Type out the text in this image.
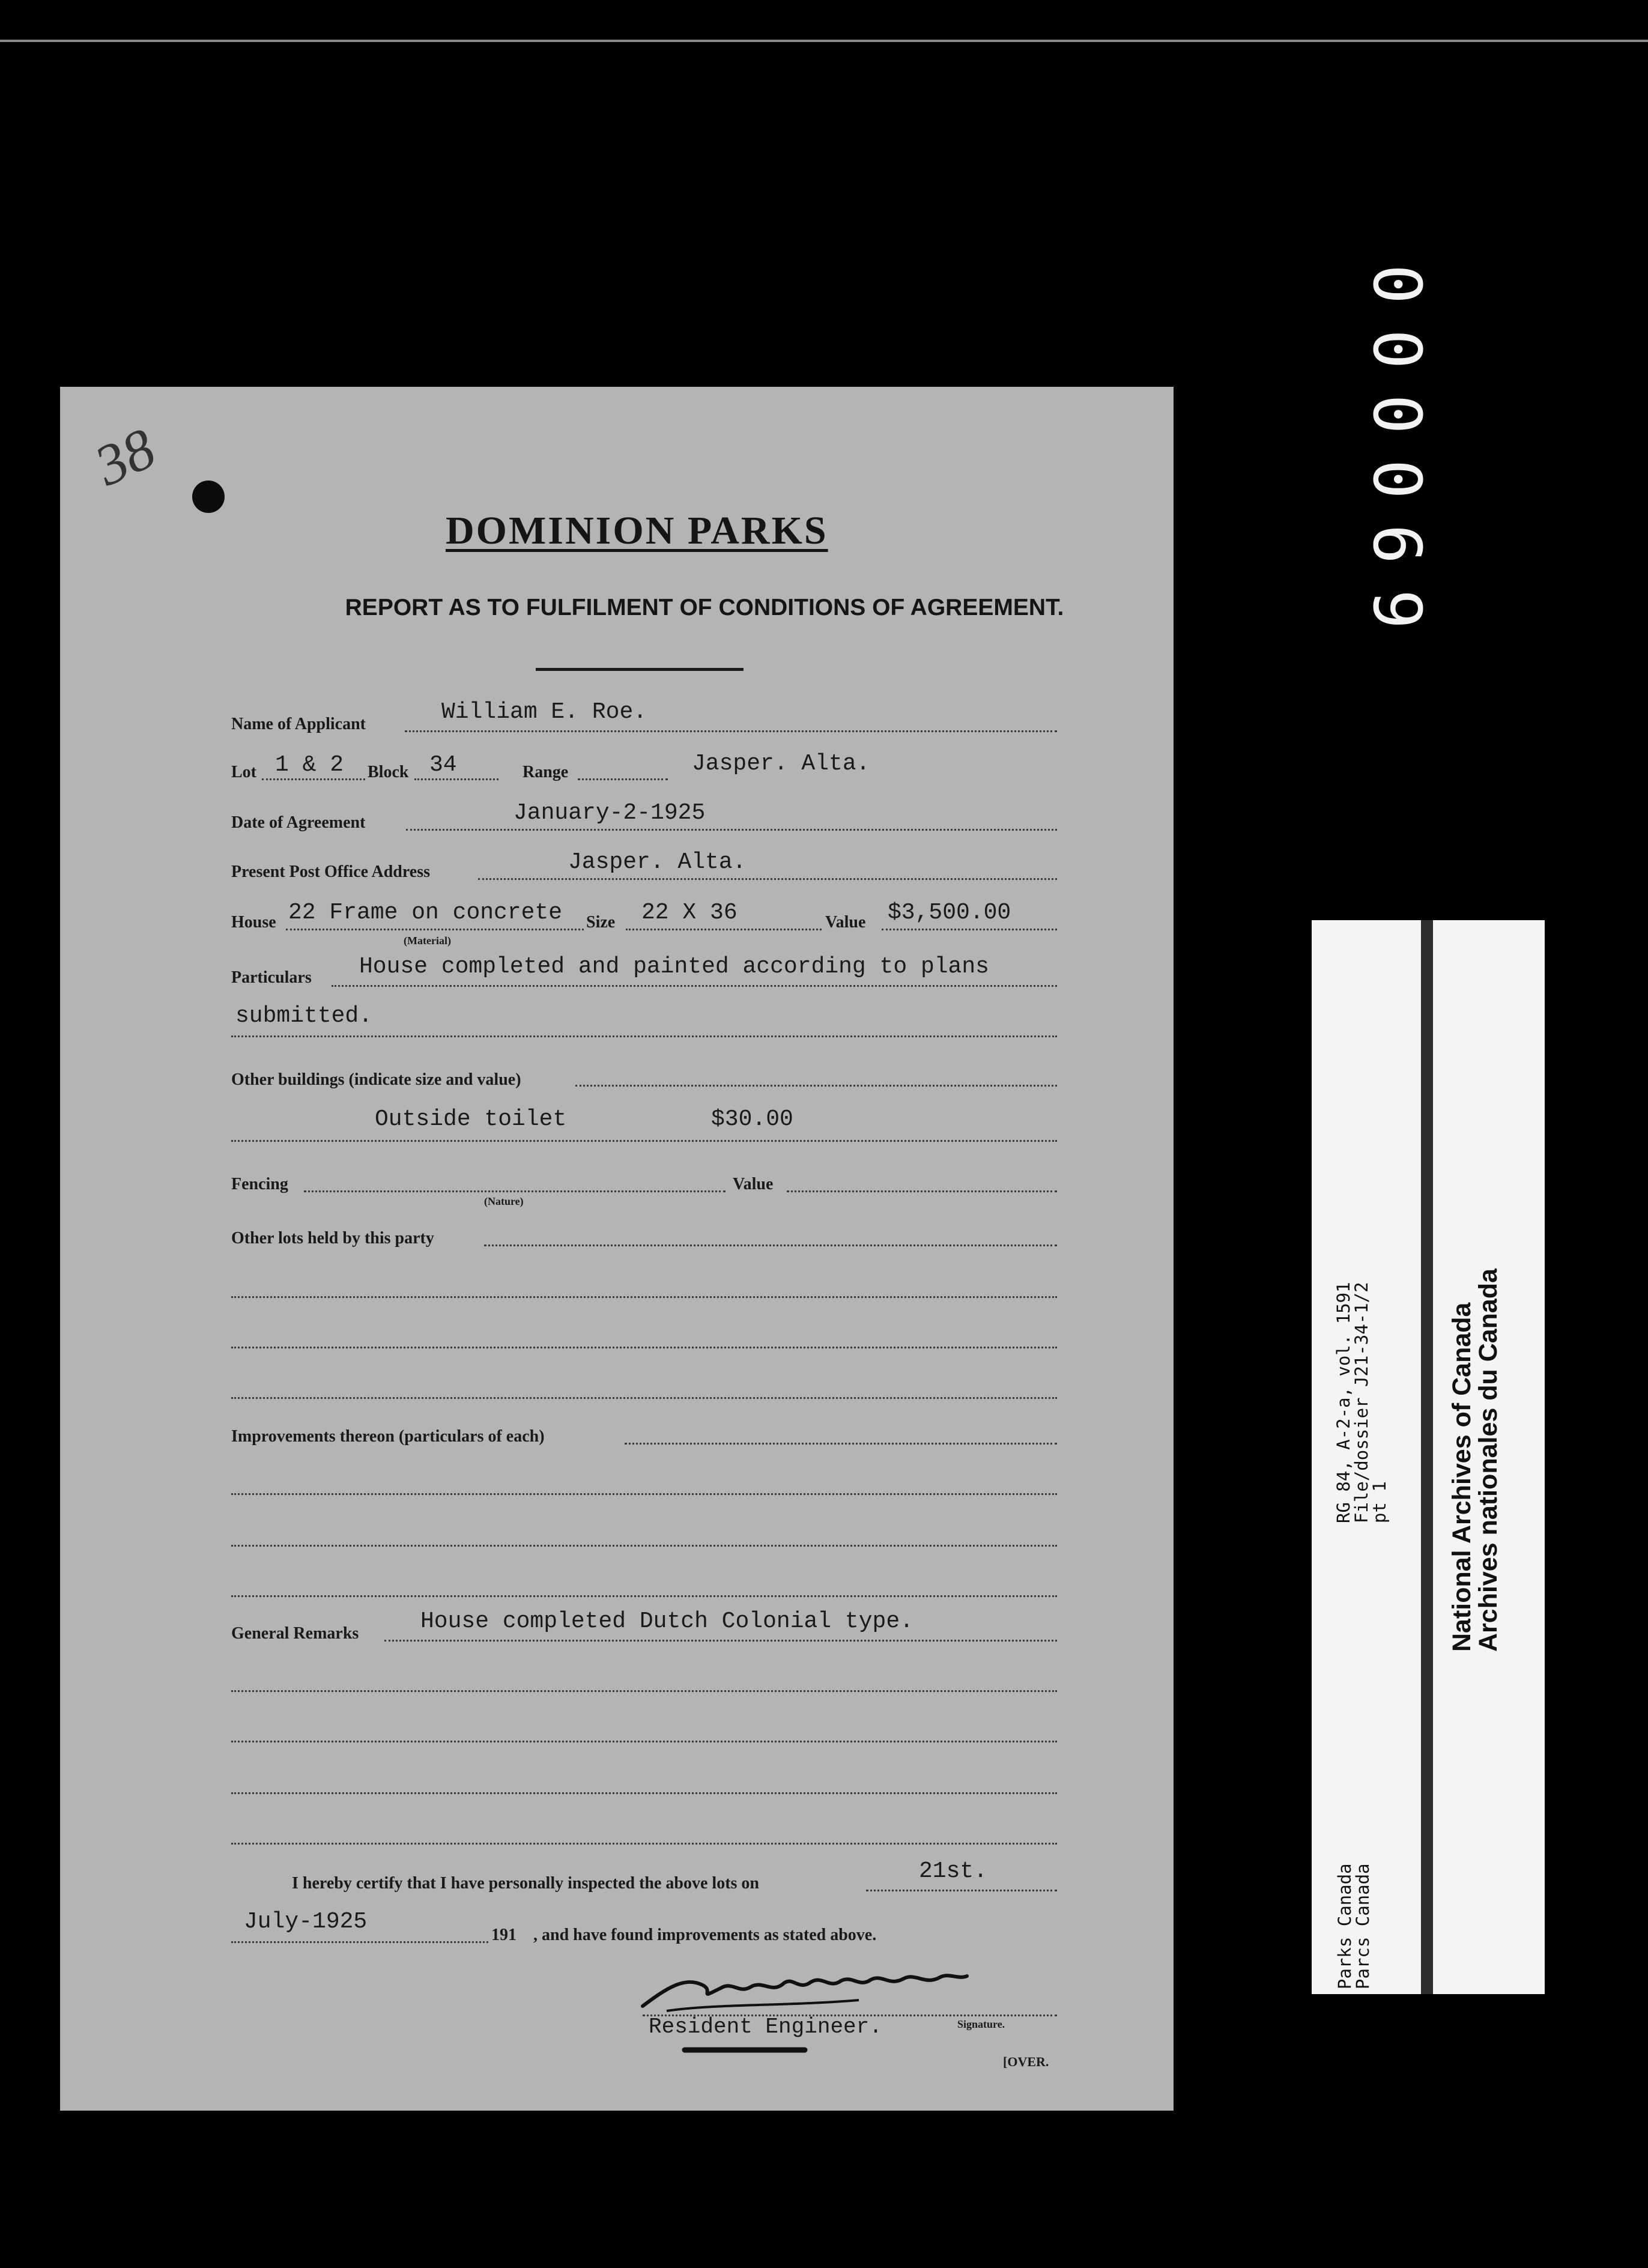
000069
RG 84, A-2-a, vol. 1591
File/dossier J21-34-1/2
pt 1 National Archives of Canada
Archives nationales du Canada
Parks Canada
Parcs Canada
38
DOMINION PARKS
REPORT AS TO FULFILMENT OF CONDITIONS OF AGREEMENT.
Name of Applicant	William E. Roe.
Lot 1 & 2 Block 34	Range	Jasper. Alta.
Date of Agreement	January-2-1925
Present Post Office Address	Jasper. Alta.
House 22 Frame on concrete
(Material)
Size 22 X 36	Value $3,500.00
Particulars House completed and painted according to plans
submitted.
Other buildings (indicate size and value)
Outside toilet	$30.00
Fencing
(Nature)
Value
Other lots held by this party
Improvements thereon (particulars of each)
General Remarks	House completed Dutch Colonial type.
I hereby certify that I have personally inspected the above lots on	21st.
July-1925
191 , and have found improvements as stated above.
Signature.
Resident Engineer.
[OVER.
